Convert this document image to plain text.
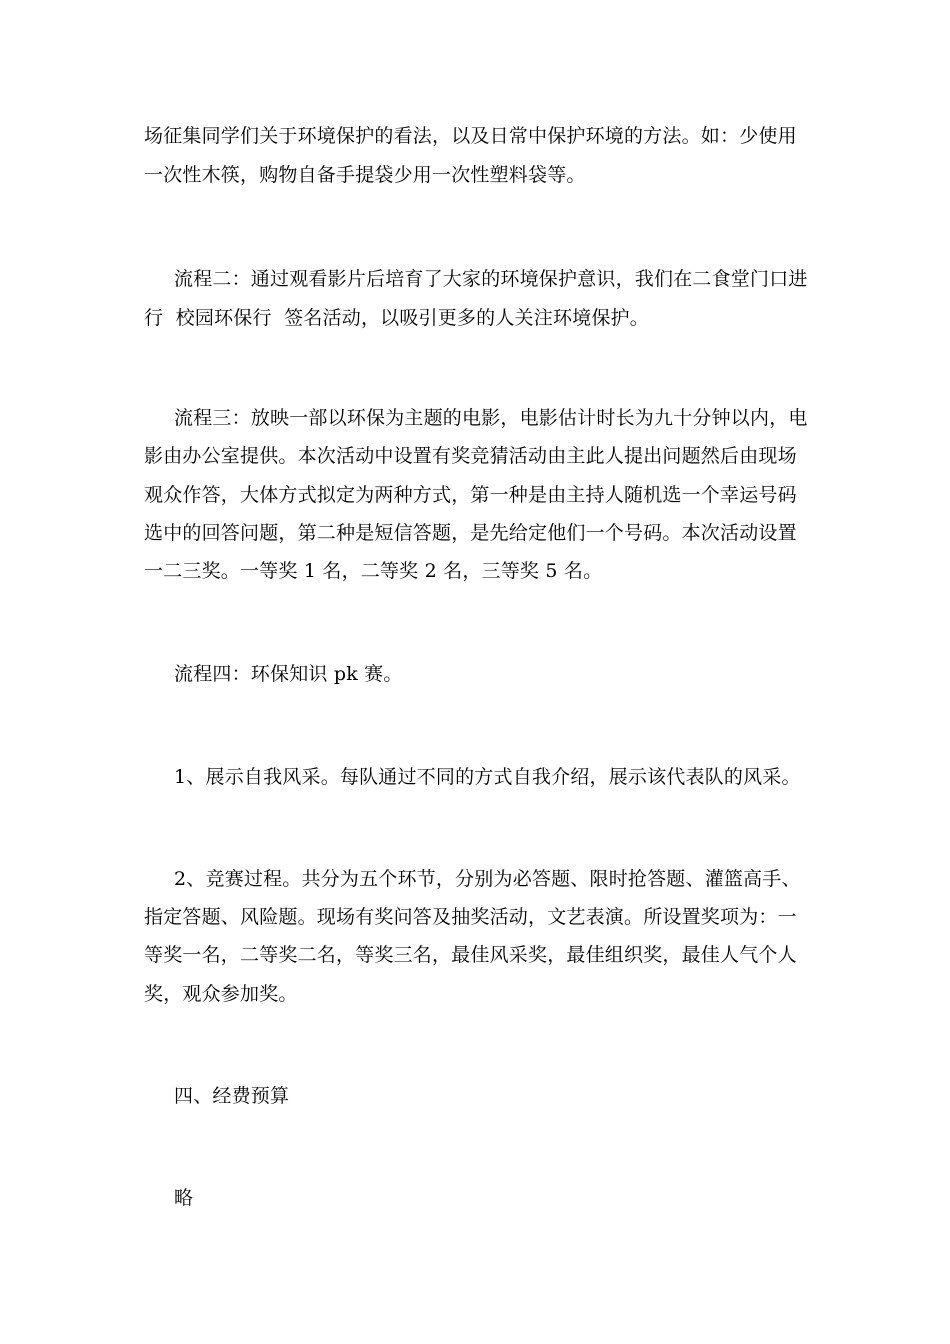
场征集同学们关于环境保护的看法，以及日常中保护环境的方法。如：少使用
一次性木筷，购物自备手提袋少用一次性塑料袋等。
流程二：通过观看影片后培育了大家的环境保护意识，我们在二食堂门口进
行  校园环保行  签名活动，以吸引更多的人关注环境保护。
流程三：放映一部以环保为主题的电影，电影估计时长为九十分钟以内，电
影由办公室提供。本次活动中设置有奖竞猜活动由主此人提出问题然后由现场
观众作答，大体方式拟定为两种方式，第一种是由主持人随机选一个幸运号码
选中的回答问题，第二种是短信答题，是先给定他们一个号码。本次活动设置
一二三奖。一等奖 1 名，二等奖 2 名，三等奖 5 名。
流程四：环保知识 pk 赛。
1、展示自我风采。每队通过不同的方式自我介绍，展示该代表队的风采。
2、竞赛过程。共分为五个环节，分别为必答题、限时抢答题、灌篮高手、
指定答题、风险题。现场有奖问答及抽奖活动，文艺表演。所设置奖项为：一
等奖一名，二等奖二名，等奖三名，最佳风采奖，最佳组织奖，最佳人气个人
奖，观众参加奖。
四、经费预算
略
